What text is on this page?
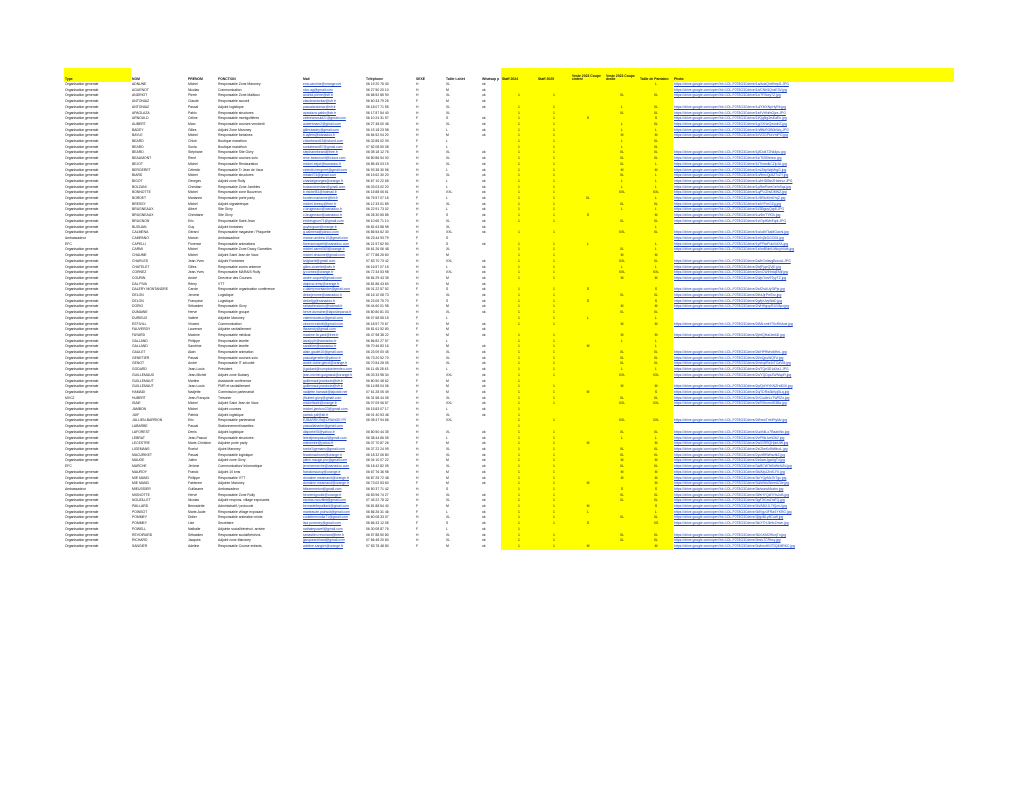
Type	NOM	PRENOM	FONCTION	Mail	Téléphone	SEXE	Taille t-shirt	Whatsap p	Staff 2024	Staff 2025	Veste 2023 Coupe cintrée	Veste 2023 Coupe droite	Taille de Pantalon	Photo
Organisation generale	ADNUNE	Michel	Responsable Zone Maroney	ena.caroline@orange.net	06 19 20 76 40	H	XL	ok					L	https://drive.google.com/open?id=1OL-F0T8G3Cdrive/1a/AdzQnWmpG.JPG
Organisation generale	AGUENOT	Nicolas	Communication	nico.ag@gmail.com	06 27 50 20 10	H	M	ok						https://drive.google.com/open?id=1OL-F0T8G3Cdrive/1b/CNh5QnzE3V.jpg
Organisation generale	ANDRIOT	Pierre	Responsable Zone Mailloux	andriot.pierre@sfr.fr	06 68 52 85 90	H	XL	ok	1	1		XL	XL	https://drive.google.com/open?id=1OL-F0T8G3Cdrive/1c/7F0kxy7Z.jpg
Organisation generale	ANTONIAZ	Claude	Responsable accueil	claudeantoniaz@sfr.fr	06 60 33 79 25	F	M	ok						
Organisation generale	ANTONIAZ	Pascal	Adjoint logistique	pascalantoniaz@sfr.fr	06 18 07 71 55	H	XL	ok	1	1		L	XL	https://drive.google.com/open?id=1OL-F0T8G3Cdrive/1d/YMXNpHyRb.jpg
Organisation generale	APAOLAZA	Pablo	Responsable structures	apaolaza.pablo@sfr.fr	06 17 87 54 40	H	XL		1	1		XL	XL	https://drive.google.com/open?id=1OL-F0T8G3Cdrive/1e/IVHNrbGjzs.JPG
Organisation generale	ARNOULD	Céline	Responsable montgolfières	celinearnould21@gmail.com	06 10 24 31 97	F	S	ok	1	1	S		S	https://drive.google.com/open?id=1OL-F0T8G3Cdrive/1f/QgBg3rsEaEn.jpg
Organisation generale	AUBERT	Marc	Responsable courses vendredi	aubertmarc2@gmail.com	06 27 48 00 46	H	XL	ok	1	1		L	XL	https://drive.google.com/open?id=1OL-F0T8G3Cdrive/1g/JXNzQmcdnZ.jpg
Organisation generale	BADEY	Gilles	Adjoint Zone Maroney	gillesbadey@gmail.com	06 15 18 23 98	H	L	ok	1	1		L	L	https://drive.google.com/open?id=1OL-F0T8G3Cdrive/1h/lBkRGB0bWq.JPG
Organisation generale	BAYLE	Michel	Responsable fontaines	b.aylem@wanadoo.fr	06 84 52 04 20	H	M	ok	1	1		M	M	https://drive.google.com/open?id=1OL-F0T8G3Cdrive/1i/VOGPkxVmPO.jpg
Organisation generale	BEARD	Chloé	Boutique marathon	chloebeard15@icloud.com	06 32 85 02 09	F	L		1	1		L	XL	
Organisation generale	BEARD	Sonia	Boutique marathon	soniabeard57@gmail.com	07 82 08 50 08	F	L		1	1		L	XL	
Organisation generale	BEARD	Stéphane	Responsable Site Givry	stephanebeard@free.fr	06 08 18 12 76	H	XL	ok	1	1		XL	XL	https://drive.google.com/open?id=1OL-F0T8G3Cdrive/1j/tDd4T2Nk4pu.jpg
Organisation generale	BEAUMONT	René	Responsable courses solo	rene.beaumont@icloud.com	06 80 86 54 00	H	XL	ok	1	1		XL	XL	https://drive.google.com/open?id=1OL-F0T8G3Cdrive/1k/TtSBhmnc.jpg
Organisation generale	BEJOT	Michel	Responsable Restauration	michel.bejot@wanadoo.fr	06 85 45 03 19	H	XL	ok	1	1		XL	L	https://drive.google.com/open?id=1OL-F0T8G3Cdrive/1l/TmwdkCZlpJA.jpg
Organisation generale	BERGERET	Célestin	Responsable Tr Jean de Vaux	celestin.bergeret@gmail.com	06 93 38 30 96	H	L	ok	1	1		M	M	https://drive.google.com/open?id=1OL-F0T8G3Cdrive/1m/ZdpWqMrgG.jpg
Organisation generale	BIARD	Michel	Responsable structures	mbiard74@gmail.com	06 15 62 30 20	H	XL	ok	1	1		XL	L	https://drive.google.com/open?id=1OL-F0T8G3Cdrive/1n/9mcQp5Z7xZY.jpg
Organisation generale	BIGOT	Georges	Adjoint zone Rully	chantalgeorges@orange.fr	06 67 10 22 65	H	L	ok	1	1		L	L	https://drive.google.com/open?id=1OL-F0T8G3Cdrive/1o/hHDBtnZHxbrvz.JPG
Organisation generale	BOLZANI	Christian	Responsable Zone Jambles	bolzanichristian@gmail.com	06 03 03 02 20	H	L	ok	1	1		L	L	https://drive.google.com/open?id=1OL-F0T8G3Cdrive/1p/5mRcreGefnSqs.jpg
Organisation generale	BONNOTTE	Michel	Responsable zone Bouzeron	b.michel51@hotmail.fr	06 15 88 06 61	H	XXL	ok	1	1		XXL	XXL	https://drive.google.com/open?id=1OL-F0T8G3Cdrive/1q/PLGNvDMNZ.jpg
Organisation generale	BORDET	Marianne	Responsable porte party	bordet.marianne@hit.fr	06 75 57 07 15	F	L	ok	1	1	XL		L	https://drive.google.com/open?id=1OL-F0T8G3Cdrive/1r/5RtuKhr6YqZ.jpg
Organisation generale	BRESSY	Michel	Adjoint signaleteque	michel.bressy@free.fr	06 12 33 01 89	H	XL	ok	1	1		XL	XL	https://drive.google.com/open?id=1OL-F0T8G3Cdrive/1s/kYFmGZg.jpg
Organisation generale	BRUGNEAUX	Albert	Site Givry	c.brugneaux@wanadoo.fr	06 22 91 73 02	H	L	ok	1	1		L	L	https://drive.google.com/open?id=1OL-F0T8G3Cdrive/1t/3BguyQqr8.JPG
Organisation generale	BRUGNEAUX	Christiane	Site Givry	c.brugneaux@wanadoo.fr	06 28 30 65 85	F	S	ok	1	1	S		M	https://drive.google.com/open?id=1OL-F0T8G3Cdrive/1u/4mTYfGh.jpg
Organisation generale	BRUGNON	Eric	Responsable Saint Jean	ericbrugnon71@gmail.com	06 10 65 71 10	H	XL	ok	1	1		XL	XL	https://drive.google.com/open?id=1OL-F0T8G3Cdrive/1v/OpHMxFqrk.JPG
Organisation generale	BUGUAN	Guy	Adjoint fontaines	guybuguan@orange.fr	06 81 63 88 98	H	XL	ok					L	
Organisation generale	CALMENA	Gérard	Responsable magasine / Plaquette	g.calmena@yahoo.com	06 86 54 62 30	H	XXL	ok	1	1		XXL	XL	https://drive.google.com/open?id=1OL-F0T8G3Cdrive/1w/u8rTkaMGaxhl.jpg
Ambassadeur	CAMPANO	Manon	Ambassadrice	manon.ambinc10@gmail.com	06 23 44 93 79	F	S							https://drive.google.com/open?id=1OL-F0T8G3Cdrive/1x/Ivj3rDGCK6.jpg
EFC	CAPELLI	Florence	Responsable animations	florencecapelli@wanadoo.com	06 21 57 62 50	F	S	ok	1	1	L		L	https://drive.google.com/open?id=1OL-F0T8G3Cdrive/1y/PRwFuloVdXA.jpg
Organisation generale	CARMI	Michel	Responsable Zone Dracy Garnelles	michel.carmi060@orange.fr	06 61 26 06 48	H	XL		1	1		XL	L	https://drive.google.com/open?id=1OL-F0T8G3Cdrive/1z/lmBNmUrNuyhVdk.jpg
Organisation generale	CHAUME	Michel	Adjoint Saint Jean de Vaux	michel.chaume@gmail.com	07 77 88 26 60	H	M		1	1		M	M	
Organisation generale	CHARLES	Jean-Yves	Adjoint Fontaines	lvdglaeril@gmail.com	07 83 70 73 42	H	XXL	ok	1	1		XXL	XL	https://drive.google.com/open?id=1OL-F0T8G3Cdrive/2a/hGnIavgBocoA.JPG
Organisation generale	CHATELET	Gilles	Responsable zones antenne	gilles.chatelet@wfc.fr	06 16 57 07 15	H	L	ok	1	1		L	L	https://drive.google.com/open?id=1OL-F0T8G3Cdrive/2b/jFjqxQVjE.jpg
Organisation generale	CORNEZ	Jean-Yves	Responsable MARAIS Rully	jy.cornez@orange.fr	06 72 34 53 98	H	XXL	ok	1	1		XXL	XXL	https://drive.google.com/open?id=1OL-F0T8G3Cdrive/2c/vCWIHntqEMjf.jpg
Organisation generale	COURIN	André	Directeur des Courses	andre.coquet@gmail.com	06 84 29 43 35	H	M	ok	1	1		M	M	https://drive.google.com/open?id=1OL-F0T8G3Cdrive/2d/pOmv9TyyTZ.jpg
Organisation generale	DAL PIVA	Rémy	VTT	dalpiva.remy@orange.fr	06 81 86 43 60	H	M	ok						
Organisation generale	DALERY MONTANDRE	Carole	Responsable organisation conférence	c.dalerymontandre@gmail.com	06 01 22 57 52	F	S	ok	1	1	S		S	https://drive.google.com/open?id=1OL-F0T8G3Cdrive/2e/lZsAUyStPjs.jpg
Organisation generale	DELON	Jerome	Logistique	delonjerome@wanadoo.fr	06 16 10 08 73	H	XL	ok	1	1		XL	XL	https://drive.google.com/open?id=1OL-F0T8G3Cdrive/2f/uUjrPmTcc.jpg
Organisation generale	DELON	Françoise	Logistique	delonfjg@wanadoo.fr	06 23 05 75 70	F	S	ok	1	1	S		S	https://drive.google.com/open?id=1OL-F0T8G3Cdrive/2g/fpUvyWaD.jpg
Organisation generale	DORIO	Sébastien	Responsable Givry	sebastiendorio@hotmail.fr	06 44 60 01 98	H	M	ok	1	1		M	M	https://drive.google.com/open?id=1OL-F0T8G3Cdrive/2h/HHgopR1iV8pv.jpg
Organisation generale	DUMAINE	Hervé	Responsable groupe	herve.dumaine@laposteparus.fr	06 80 80 81 03	H	XL	ok	1	1		XL	XL	
Organisation generale	DURIEUX	Valérie	Adjointe Maroney	valeriedurieux@gmail.com	06 07 68 55 15	F	L		1	1	L		L	
Organisation generale	ESTIVILL	Vincent	Communication	vincent.estivill@gmail.com	06 18 57 70 67	H	M	ok	1	1		M	M	https://drive.google.com/open?id=1OL-F0T8G3Cdrive/2i/MLsmHTKcRbAoe.jpg
Organisation generale	FAUVERDY	Laurence	Adjointe ravitaillement	lfauverdy@gmail.com	06 81 61 52 80	F	M	ok						
Organisation generale	FAYARD	Maxime	Responsable médical	maxime.fa yard@free.fr	06 47 98 38 22	H	M	ok	1	1		M	M	https://drive.google.com/open?id=1OL-F0T8G3Cdrive/2j/nfQHalJxnkD.jpg
Organisation generale	GALLAND	Philippe	Responsable lavette	lavaly.ph@wanadoo.fr	06 86 82 27 57	H	L		1	1		L	L	
Organisation generale	GALLAND	Sandrine	Responsable lavette	sandrine@wanadoo.fr	06 70 46 83 16	F	M	ok	1	1	M		L	
Organisation generale	GAULET	Alain	Responsable animation	alain.gaulet10@gmail.com	06 23 09 00 45	H	XL	ok	1	1		XL	XL	https://drive.google.com/open?id=1OL-F0T8G3Cdrive/2k/HPf9vhx6HnL.jpg
Organisation generale	GENETIER	Pascal	Responsable courses solo	pascalgenetier@yahoo.fr	06 73 20 52 70	H	XL	ok	1	1		XL	XL	https://drive.google.com/open?id=1OL-F0T8G3Cdrive/2l/wQpuWQFd.jpg
Organisation generale	GENOT	André	Responsable IT sécurité	andre.claire.genot@orange.fr	06 70 54 28 05	H	XL	ok	1	1		XL	XL	https://drive.google.com/open?id=1OL-F0T8G3Cdrive/2m/nqtRz4vTCaVM.jpg
Organisation generale	GODARD	Jean-Louis	Président	jl.godard@comptoirdemdeu.com	06 11 45 28 43	H	L	ok	1	1		L	L	https://drive.google.com/open?id=1OL-F0T8G3Cdrive/2n/TQe3D1dXa1.JPG
Organisation generale	GUILLEMAUD	Jean-Michel	Adjoint zone Buxtary	jean-michel.guignaud@orange.fr	06 03 33 98 34	H	XXL	ok	1	1		XXL	XXL	https://drive.google.com/open?id=1OL-F0T8G3Cdrive/2o/YQDpxZWNlcpR.jpg
Organisation generale	GUILLEMAUT	Martine	Assistante conférence	guillemaut.jeanlouis@sfr.fr	06 80 50 48 62	F	M	ok	1					
Organisation generale	GUILLEMAUT	Jean-Louis	PMR et ravitaillement	guillemaut.jeanlouis@sfr.fr	06 14 88 04 06	H	M	ok	1	1		M	M	https://drive.google.com/open?id=1OL-F0T8G3Cdrive/2p/QdYtYKNZHdDXl.jpg
Organisation generale	HAMADI	Nadjette	Commission partenariat	nadjette.hamadi@laposte.net	07 61 28 05 49	F	M	ok	1	1	M		S	https://drive.google.com/open?id=1OL-F0T8G3Cdrive/2q/7DRw3kKpj5Lq.jpg
MVC2	HUBERT	Jean-François	Trésorier	jfhubert.givry@gmail.com	06 31 58 44 05	H	XL	ok	1	1		XL	XL	https://drive.google.com/open?id=1OL-F0T8G3Cdrive/2r/CsdbrLcTWRZo.jpg
Organisation generale	ISAIE	Michel	Adjoint Saint Jean de Vaux	michelisaie@orange.fr	06 07 09 06 57	H	XXL	ok	1	1		XXL	XXL	https://drive.google.com/open?id=1OL-F0T8G3Cdrive/2s/RJbvrmW3Ba.jpg
Organisation generale	JAMBON	Michel	Adjoint courses	michel.jambon23@gmail.com	06 15 83 07 17	H	L	ok	1					
Organisation generale	JUIF	Patrick	Adjoint logistique	patrick.juif@sfr.fr	06 01 40 53 46	H	XL	ok	1					
Organisation generale	JULLIEN-BARRION	Eric	Responsable partenariat	EJBARRION@ORANGE.FR	06 08 47 94 66	H	XXL		1	1		XXL	XXL	https://drive.google.com/open?id=1OL-F0T8G3Cdrive/2t/hwnTmhFtyMz.jpg
Organisation generale	LABARBE	Pascal	Stationnement/navettes	pascallabarbe@gmail.com		H			1					
Organisation generale	LAFOREST	Denis	Adjoint logistique	dlaporte05@yahoo.fr	06 80 50 44 35	H	XL	ok	1	1		XL	XL	https://drive.google.com/open?id=1OL-F0T8G3Cdrive/2u/zNlLo7RaahWc.jpg
Organisation generale	LEBRAT	Jean-Pascal	Responsable structures	lebratjeanpascal@gmail.com	06 38 44 66 05	H	L	ok	1	1		L	L	https://drive.google.com/open?id=1OL-F0T8G3Cdrive/2v/PMrJwhOb2.jpg
Organisation generale	LECESTRE	Marie-Christine	Adjointe porte party	mlecestre@yahoo.fr	06 07 70 87 26	F	M	ok	1	1	M		M	https://drive.google.com/open?id=1OL-F0T8G3Cdrive/2w/GRRQHpbUW.jpg
Organisation generale	LIGEMANS	Roelof	Ajoint Maroney	roelof.ligemans@gmail.com	06 37 22 24 09	H	XL	ok	1	1		XL	XL	https://drive.google.com/open?id=1OL-F0T8G3Cdrive/2x/ZkeKz8hMnoL.jpg
Organisation generale	MACURIKET	Pascal	Responsable logistique	fewalmachuret@orange.fr	06 18 32 06 80	H	XL	ok	1	1		XL	XL	https://drive.google.com/open?id=1OL-F0T8G3Cdrive/2y/ztfHWrtszfkZ.jpg
Organisation generale	MAUGE	Julien	Adjoint zone Givry	julien.mauge.pro@gmail.com	06 04 10 07 22	H	M	ok	1	1		M	M	https://drive.google.com/open?id=1OL-F0T8G3Cdrive/2z/kwnJgaXgTv.jpg
EFC	MARCHE	Jérôme	Communication/ Informatique	jeromemarche@wanadoo.com	06 18 42 82 05	H	XL	ok	1	1		XL	XL	https://drive.google.com/open?id=1OL-F0T8G3Cdrive/3a/8CWTeBrWeNZd.jpg
Organisation generale	MAUROY	Franck	Adjoint 10 kms	franckmauroy@orange.fr	06 67 76 36 98	H	M	ok	1	1		M	M	https://drive.google.com/open?id=1OL-F0T8G3Cdrive/3b/AfpJZrxEJYI.jpg
Organisation generale	MIE MAND	Philippe	Responsable VTT	domaine.meamand@orange.fr	06 87 25 72 48	H	M	ok	1	1		M	M	https://drive.google.com/open?id=1OL-F0T8G3Cdrive/3c/YQpMc7bTgc.jpg
Organisation generale	MIE MAND	Fabienne	Adjointe Maroney	domaine.meamand@orange.fr	06 73 02 53 60	F	M	ok	1	1	M		M	https://drive.google.com/open?id=1OL-F0T8G3Cdrive/3d/sKtfuWmeAGle.jpg
Ambassadeur	MIEUSSIER	Guillaume	Ambassadeur	hlbumeneton@gmail.com	06 50 37 71 42	H	S		1	1		S	S	https://drive.google.com/open?id=1OL-F0T8G3Cdrive/3e/sszwMczbn.jpg
Organisation generale	MIGNOTTE	Hervé	Responsable Zone Rully	hervemignotte@orange.fr	06 83 96 74 27	H	XL	ok	1	1		XL	XL	https://drive.google.com/open?id=1OL-F0T8G3Cdrive/3f/eHYQzRYtsJoB.jpg
Organisation generale	NOUZILLET	Nicolas	Adjoint respons. village exposants	nicolas.nouzillet@gmail.com	07 45 22 78 32	H	XL	ok	1	1		XL	XL	https://drive.google.com/open?id=1OL-F0T8G3Cdrive/3g/lTtGmZmFQ.jpg
Organisation generale	PAILLARD	Bernadette	Administratif / protocole	bernadettepaillard@gmail.com	06 81 88 54 40	F	M	ok	1	1	M		S	https://drive.google.com/open?id=1OL-F0T8G3Cdrive/3h/ABXJL7fQznJ.jpg
Organisation generale	POINSOT	Marie-Aude	Responsable village exposant	marieaude.poinsot@gmail.com	06 86 26 31 46	F	L	ok	1	1	L		L	https://drive.google.com/open?id=1OL-F0T8G3Cdrive/3i/lVgz3FRaSYKRO.jpg
Organisation generale	POMMEY	Didier	Responsable animation mixte	coutetemondia71@gmail.com	06 60 08 33 07	H	XL	ok	1	1		XL	XL	https://drive.google.com/open?id=1OL-F0T8G3Cdrive/3j/gxBLy8CuW.jpg
Organisation generale	POMMEY	Lise	Secrétaire	lisa.pommey@gmail.com	06 86 33 12 05	F	S	ok	1	1	S		XS	https://drive.google.com/open?id=1OL-F0T8G3Cdrive/3k/XTHJbHzZmvh.jpg
Organisation generale	POWELL	Nathalie	Adjointe social/bénévol. arrivée	nathalepowell@gmail.com	06 30 08 87 76	F	L	ok	1					
Organisation generale	REVOIRARD	Sébastien	Responsable social/bénévol.	sebastien.revoirard@free.fr	06 57 88 50 80	H	XL	ok	1	1		XL	XL	https://drive.google.com/open?id=1OL-F0T8G3Cdrive/3l/z1KM2HlvqTn.jpg
Organisation generale	RICHARD	Jacques	Adjoint zone Maroney	jjacquesrichard@gmail.com	07 66 48 20 60	H	XL	ok	1	1		XL	XL	https://drive.google.com/open?id=1OL-F0T8G3Cdrive/3m/u7CRhxy.jpg
Organisation generale	SANGIER	Adeline	Responsable Course enfants	adeline.sangier@orange.fr	07 83 78 48 80	F	M	ok	1	1	M		M	https://drive.google.com/open?id=1OL-F0T8G3Cdrive/3n/ksuHN7DQ4MRKC.jpg
